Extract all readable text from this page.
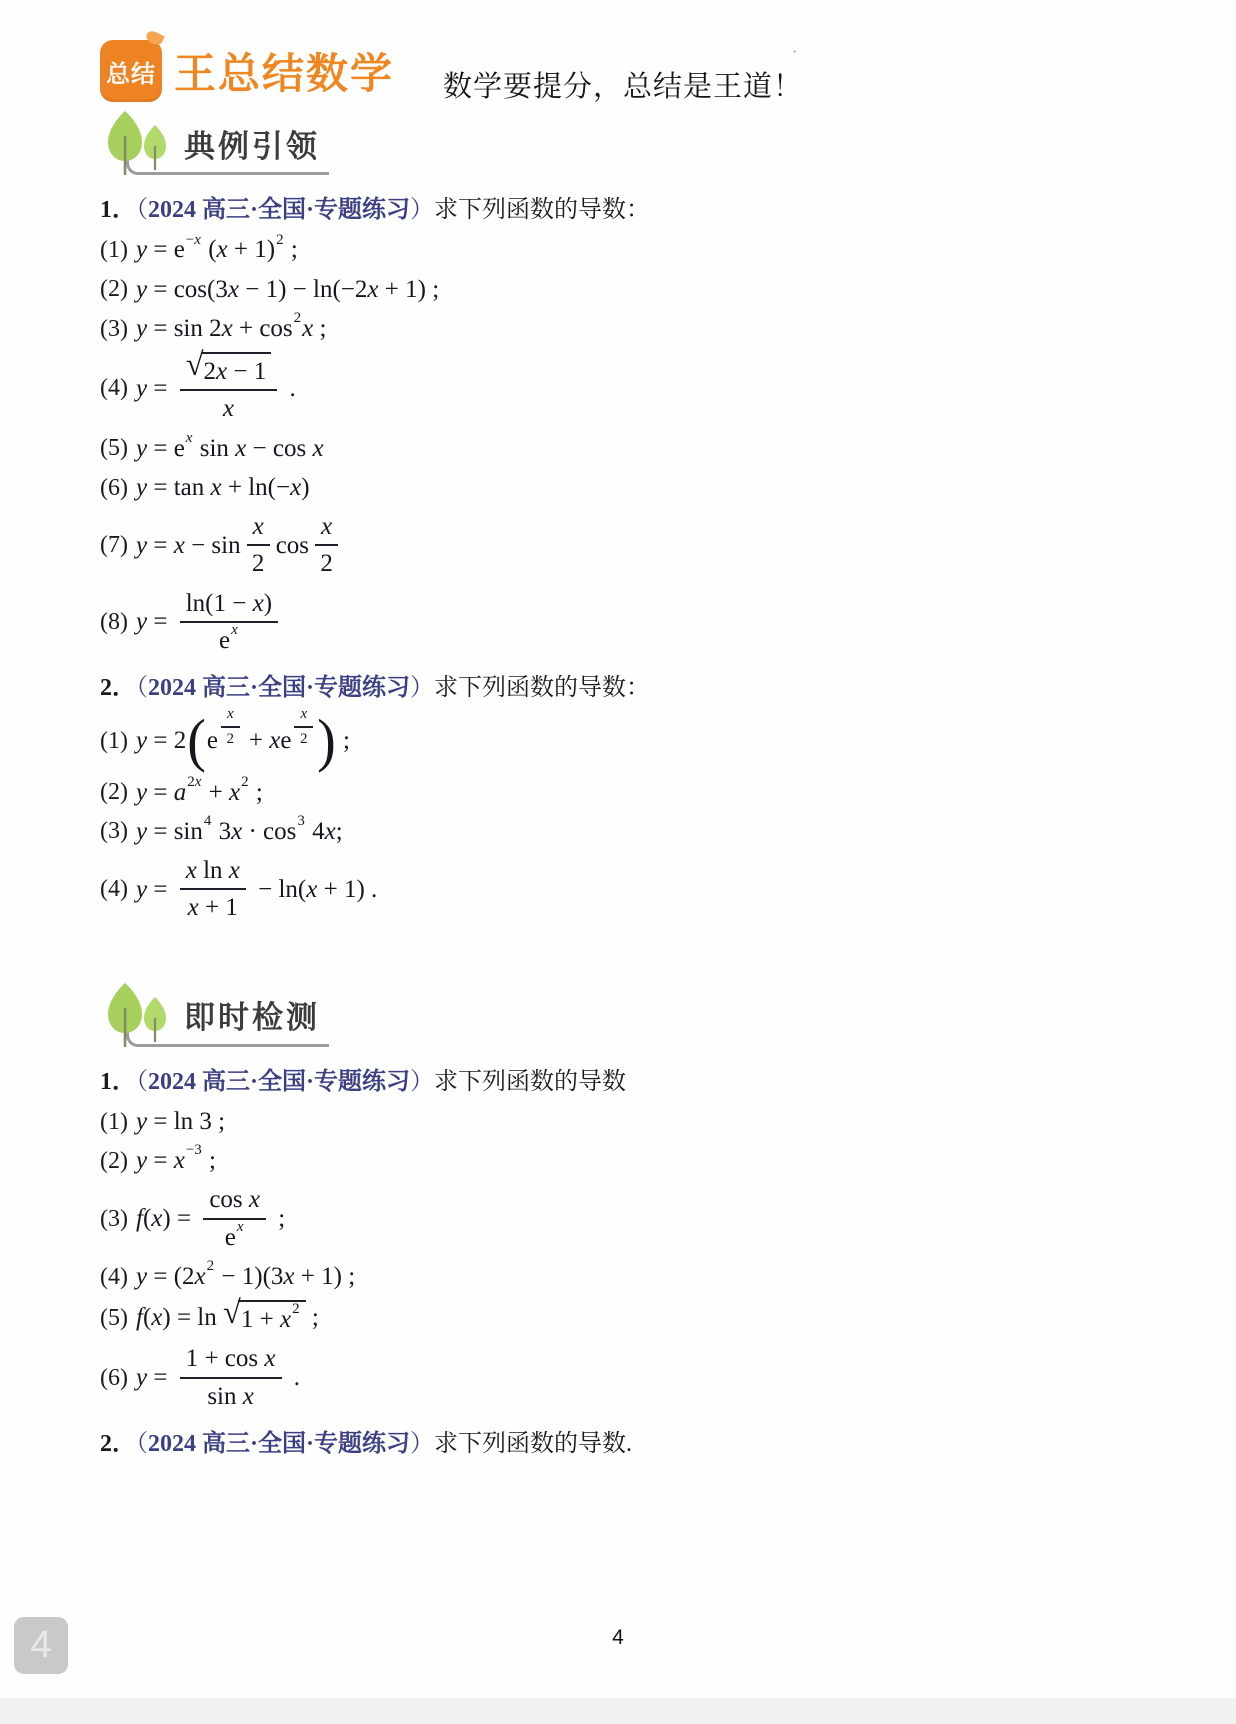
总结 王总结数学 数学要提分，总结是王道！
·
典例引领
1．（2024 高三·全国·专题练习）求下列函数的导数：
(1) y = e − x ( x + 1 ) 2 ;
(2) y = cos ( 3 x − 1 ) − ln ( −2 x + 1 ) ;
(3) y = sin 2 x + cos 2 x ;
(4) $y = \frac{√ 2 x - 1}{x}$ .
(5) y = e x sin x − cos x
(6) y = tan x + ln(− x )
(7) y = x − sin
x
2
cos
x
2
(8) $y = \frac{\ln(1 - x )}{\text{e x}}$
2．（2024 高三·全国·专题练习）求下列函数的导数：
(1) y = 2 ( e
x
2 + x e
x
2 ) ;
(2) y = a 2 x + x 2 ;
(3) y = sin 4 3 x · cos 3 4 x ;
(4) $y = \frac{\text{x ln x}}{x + 1} - \ln$ ( x + 1 ) .
即时检测
1．（2024 高三·全国·专题练习）求下列函数的导数
(1) y = ln 3 ;
(2) y = x −3 ;
(3) f ( x ) = $\frac{\text{cos x}}{\text{e x}}$ ;
(4) y = ( 2 x 2 − 1 )( 3 x + 1 ) ;
(5) f ( x ) = ln √ 1 + x 2 ;
(6) $y = \frac{\text{1 + cos x}}{\text{sin x}}$ .
2．（2024 高三·全国·专题练习）求下列函数的导数.
4	4
